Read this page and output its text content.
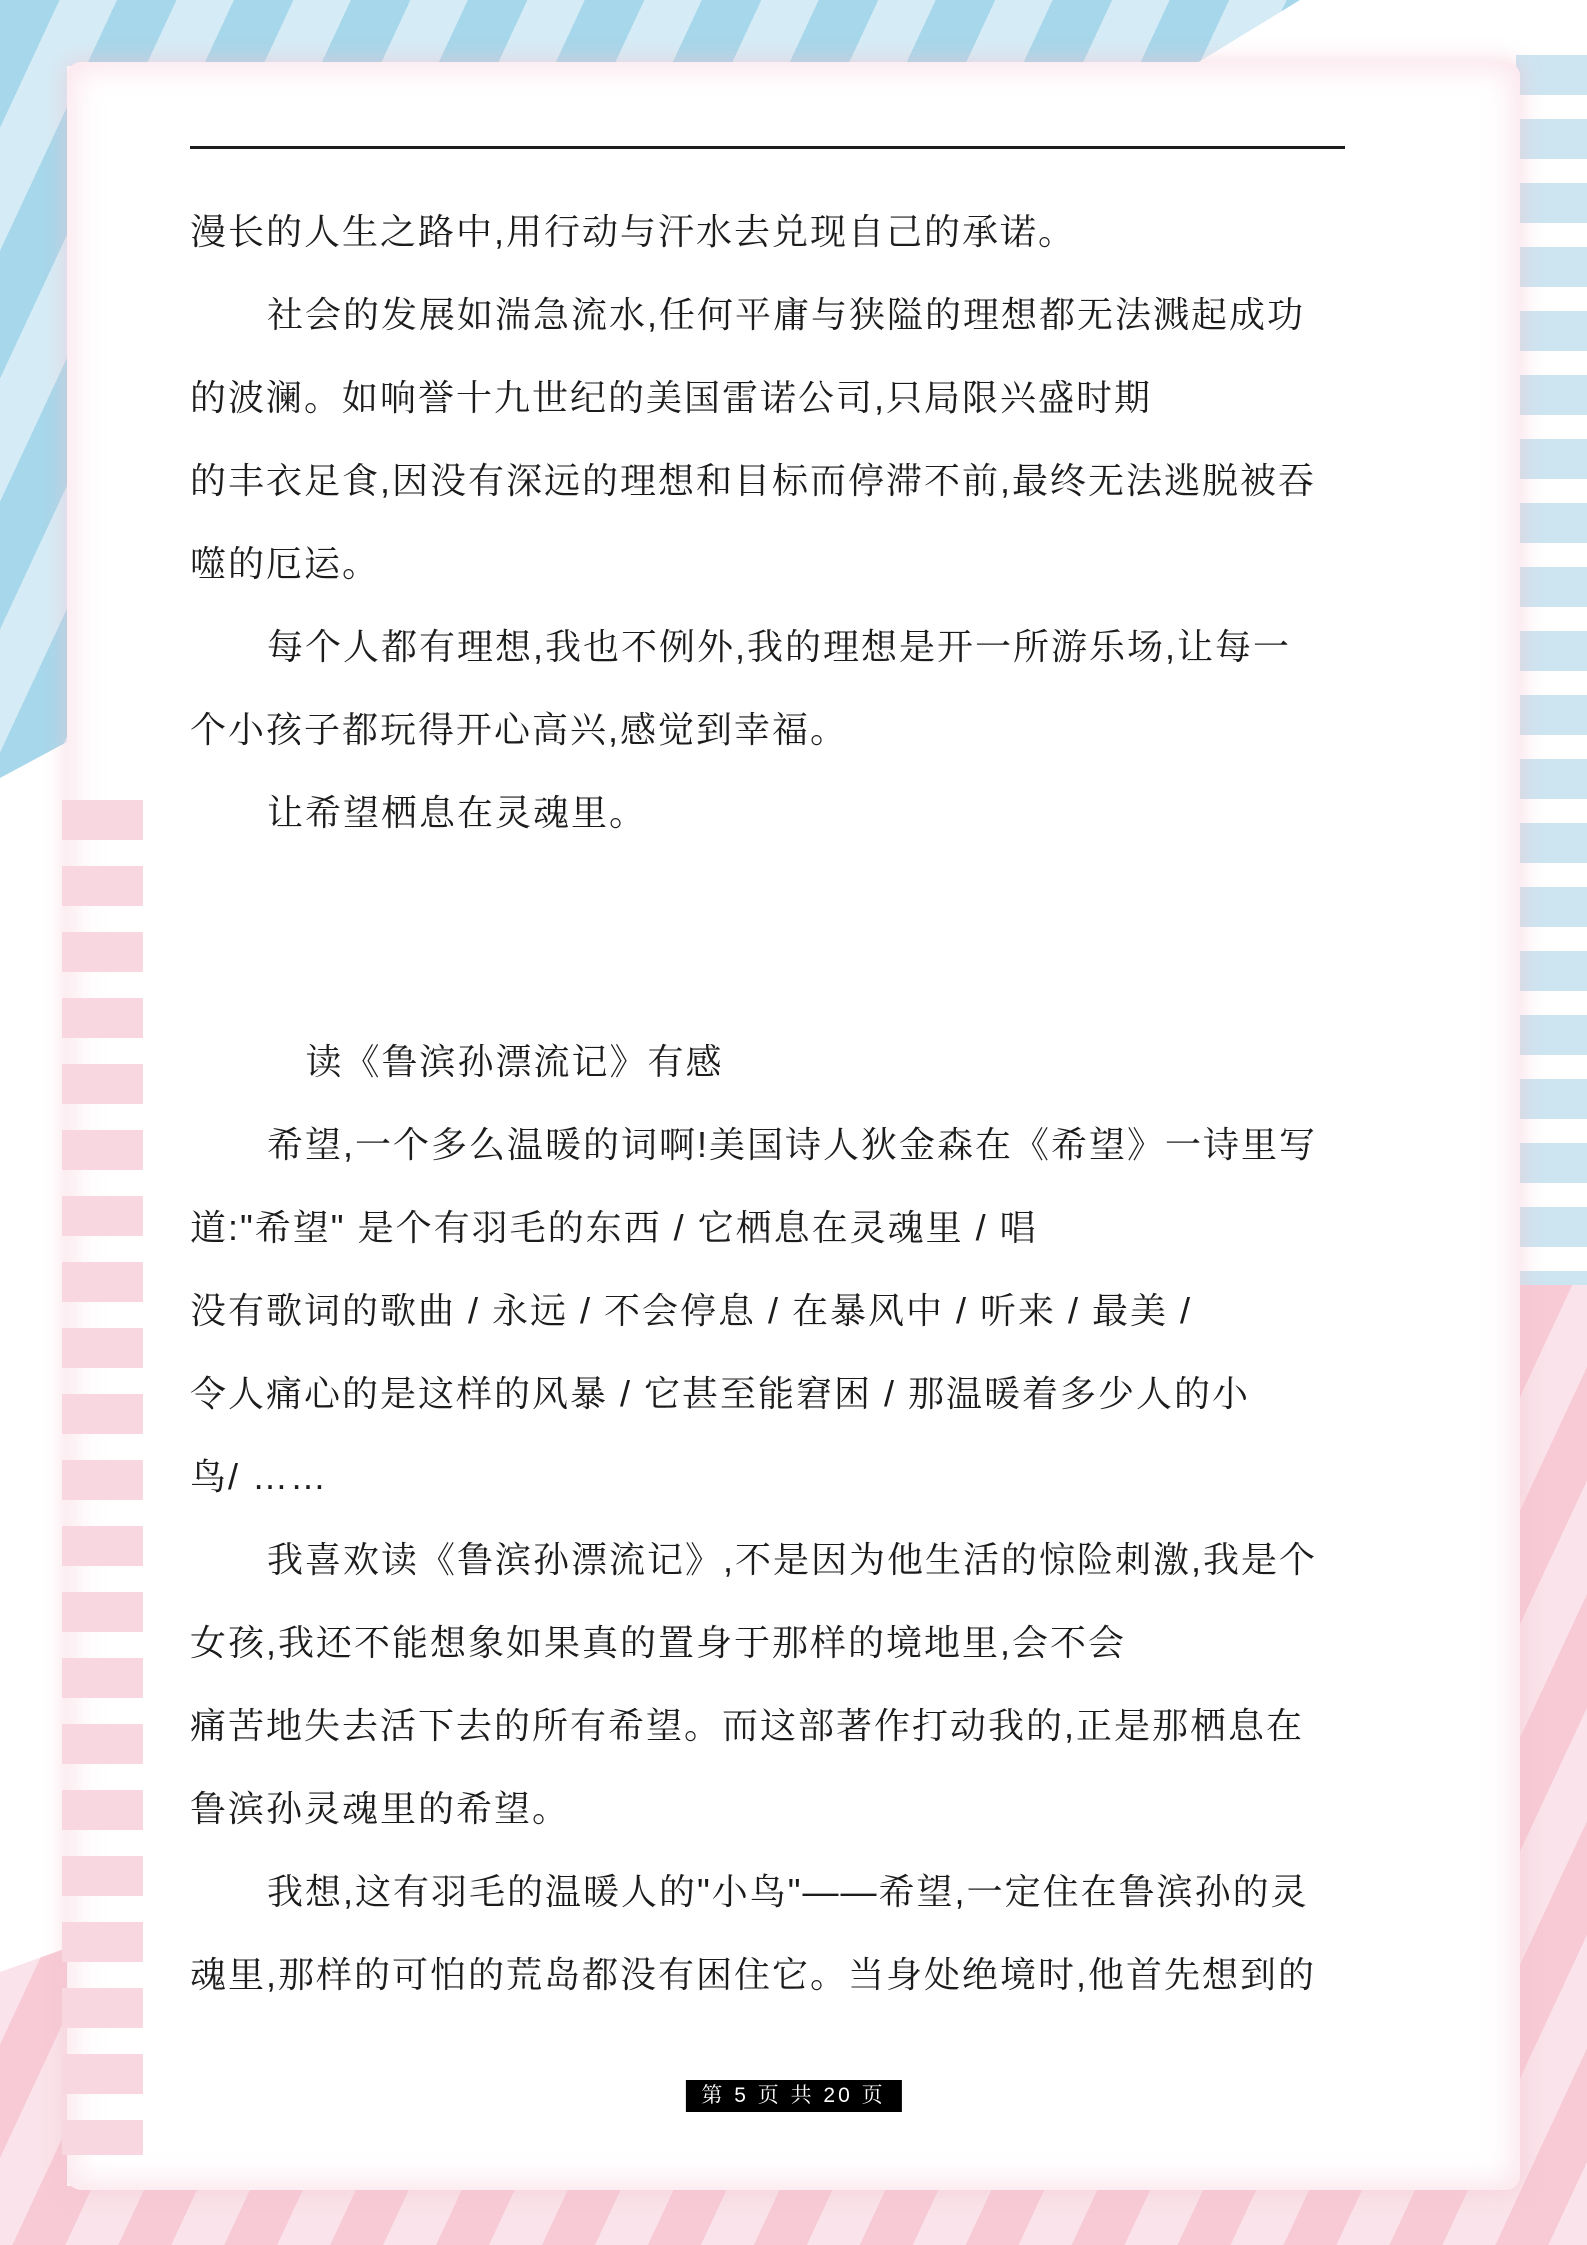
漫长的人生之路中,用行动与汗水去兑现自己的承诺。
社会的发展如湍急流水,任何平庸与狭隘的理想都无法溅起成功
的波澜。如响誉十九世纪的美国雷诺公司,只局限兴盛时期
的丰衣足食,因没有深远的理想和目标而停滞不前,最终无法逃脱被吞
噬的厄运。
每个人都有理想,我也不例外,我的理想是开一所游乐场,让每一
个小孩子都玩得开心高兴,感觉到幸福。
让希望栖息在灵魂里。
读《鲁滨孙漂流记》有感
希望,一个多么温暖的词啊!美国诗人狄金森在《希望》一诗里写
道:"希望" 是个有羽毛的东西 / 它栖息在灵魂里 / 唱
没有歌词的歌曲 / 永远 / 不会停息 / 在暴风中 / 听来 / 最美 /
令人痛心的是这样的风暴 / 它甚至能窘困 / 那温暖着多少人的小
鸟/ ……
我喜欢读《鲁滨孙漂流记》,不是因为他生活的惊险刺激,我是个
女孩,我还不能想象如果真的置身于那样的境地里,会不会
痛苦地失去活下去的所有希望。而这部著作打动我的,正是那栖息在
鲁滨孙灵魂里的希望。
我想,这有羽毛的温暖人的"小鸟"——希望,一定住在鲁滨孙的灵
魂里,那样的可怕的荒岛都没有困住它。当身处绝境时,他首先想到的
第 5 页 共 20 页
